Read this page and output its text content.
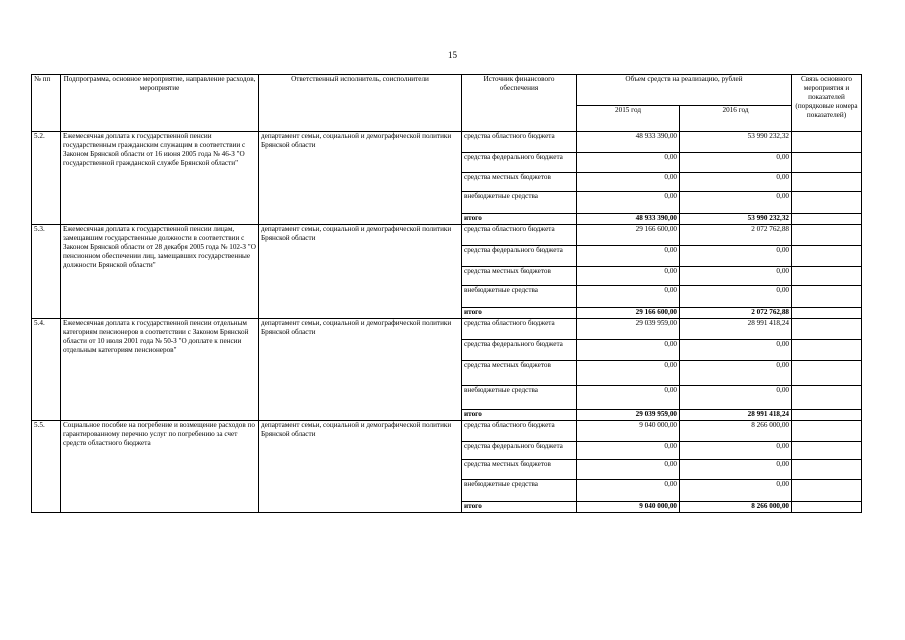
15
№ пп	Подпрограмма, основное мероприятие, направление расходов, мероприятие	Ответственный исполнитель, соисполнители	Источник финансового обеспечения	Объем средств на реализацию, рублей		Связь основного мероприятия и показателей (порядковые номера показателей)
				2015 год	2016 год	
5.2.	Ежемесячная доплата к государственной пенсии государственным гражданским служащим в соответствии с Законом Брянской области от 16 июня 2005 года № 46-З "О государственной гражданской службе Брянской области"	департамент семьи, социальной и демографической политики Брянской области	средства областного бюджета	48 933 390,00	53 990 232,32	
			средства федерального бюджета	0,00	0,00	
			средства местных бюджетов	0,00	0,00	
			внебюджетные средства	0,00	0,00	
			итого	48 933 390,00	53 990 232,32	
5.3.	Ежемесячная доплата к государственной пенсии лицам, замещавшим государственные должности в соответствии с Законом Брянской области от 28 декабря 2005 года № 102-З "О пенсионном обеспечении лиц, замещавших государственные должности Брянской области"	департамент семьи, социальной и демографической политики Брянской области	средства областного бюджета	29 166 600,00	2 072 762,88	
			средства федерального бюджета	0,00	0,00	
			средства местных бюджетов	0,00	0,00	
			внебюджетные средства	0,00	0,00	
			итого	29 166 600,00	2 072 762,88	
5.4.	Ежемесячная доплата к государственной пенсии отдельным категориям пенсионеров в соответствии с Законом Брянской области от 10 июля 2001 года № 50-З "О доплате к пенсии отдельным категориям пенсионеров"	департамент семьи, социальной и демографической политики Брянской области	средства областного бюджета	29 039 959,00	28 991 418,24	
			средства федерального бюджета	0,00	0,00	
			средства местных бюджетов	0,00	0,00	
			внебюджетные средства	0,00	0,00	
			итого	29 039 959,00	28 991 418,24	
5.5.	Социальное пособие на погребение и возмещение расходов по гарантированному перечню услуг по погребению за счет средств областного бюджета	департамент семьи, социальной и демографической политики Брянской области	средства областного бюджета	9 040 000,00	8 266 000,00	
			средства федерального бюджета	0,00	0,00	
			средства местных бюджетов	0,00	0,00	
			внебюджетные средства	0,00	0,00	
			итого	9 040 000,00	8 266 000,00	
